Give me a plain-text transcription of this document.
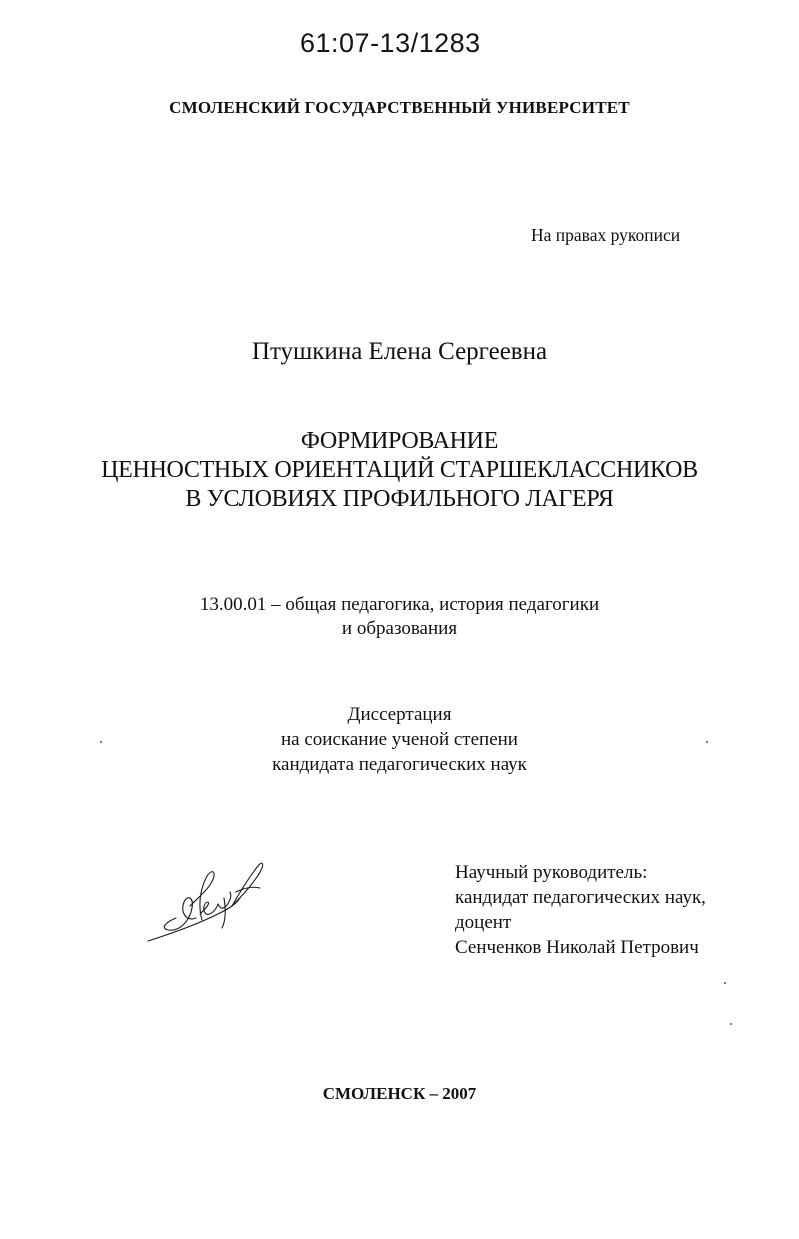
61:07-13/1283
СМОЛЕНСКИЙ ГОСУДАРСТВЕННЫЙ УНИВЕРСИТЕТ
На правах рукописи
Птушкина Елена Сергеевна
ФОРМИРОВАНИЕ
ЦЕННОСТНЫХ ОРИЕНТАЦИЙ СТАРШЕКЛАССНИКОВ
В УСЛОВИЯХ ПРОФИЛЬНОГО ЛАГЕРЯ
13.00.01 – общая педагогика, история педагогики
и образования
Диссертация
на соискание ученой степени
кандидата педагогических наук
Научный руководитель:
кандидат педагогических наук,
доцент
Сенченков Николай Петрович
СМОЛЕНСК – 2007
